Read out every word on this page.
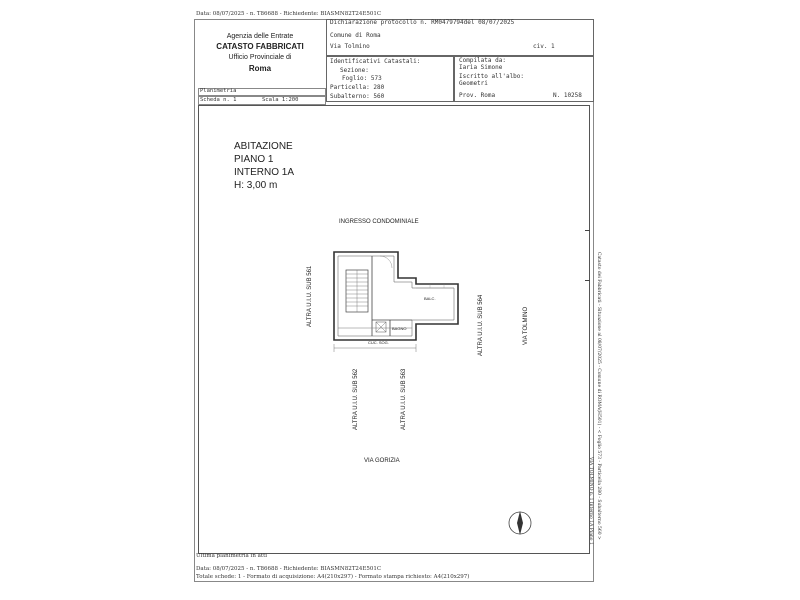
Data: 08/07/2025 - n. T86688 - Richiedente: BIASMN82T24E501C
Agenzia delle Entrate
CATASTO FABBRICATI
Ufficio Provinciale di
Roma
Dichiarazione protocollo n. RM0479794del 08/07/2025
Comune di Roma
Via Tolmino	civ. 1
Identificativi Catastali:
Sezione:
Foglio: 573
Particella: 280
Subalterno: 560
Compilata da:
Iaria Simone
Iscritto all'albo:
Geometri
Prov. Roma	N. 10258
Planimetria
Scheda n. 1	Scala 1:200
ABITAZIONE
PIANO 1
INTERNO 1A
H: 3,00 m
INGRESSO CONDOMINIALE
BAGNO
CUC. SOG.
BALC.
ALTRA U.I.U. SUB 561
ALTRA U.I.U. SUB 562	ALTRA U.I.U. SUB 563
ALTRA U.I.U. SUB 564	VIA TOLMINO
VIA GORIZIA	Catasto dei Fabbricati - Situazione al 08/07/2025 - Comune di ROMA(H501) - < Foglio 573 - Particella 280 - Subalterno 560 >
VIA TOLMINO n. 1 Interno 1A Piano 1
Ultima planimetria in atti
Data: 08/07/2025 - n. T86688 - Richiedente: BIASMN82T24E501C
Totale schede: 1 - Formato di acquisizione: A4(210x297) - Formato stampa richiesto: A4(210x297)
